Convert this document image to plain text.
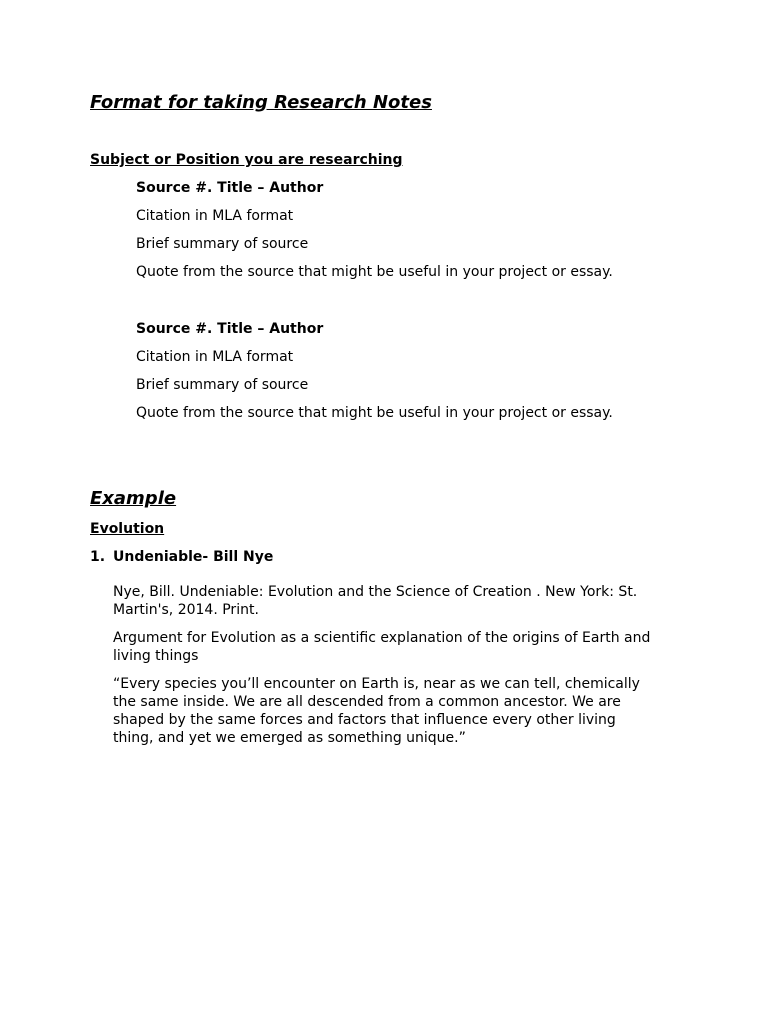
Format for taking Research Notes
Subject or Position you are researching
Source #. Title – Author
Citation in MLA format
Brief summary of source
Quote from the source that might be useful in your project or essay.
Source #. Title – Author
Citation in MLA format
Brief summary of source
Quote from the source that might be useful in your project or essay.
Example
Evolution
1. Undeniable- Bill Nye
Nye, Bill. Undeniable: Evolution and the Science of Creation . New York: St. Martin's, 2014. Print.
Argument for Evolution as a scientific explanation of the origins of Earth and living things
“Every species you’ll encounter on Earth is, near as we can tell, chemically the same inside. We are all descended from a common ancestor. We are shaped by the same forces and factors that influence every other living thing, and yet we emerged as something unique.”
